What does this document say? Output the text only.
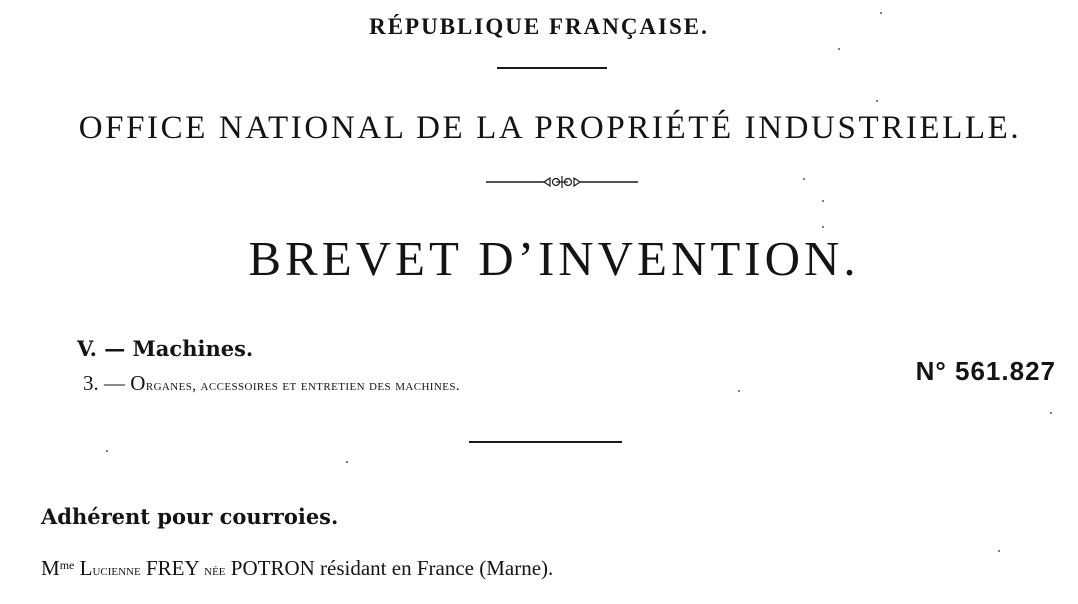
RÉPUBLIQUE FRANÇAISE.
OFFICE NATIONAL DE LA PROPRIÉTÉ INDUSTRIELLE.
BREVET D’INVENTION.
V. — Machines.
3. — Organes, accessoires et entretien des machines.	N° 561.827
Adhérent pour courroies.
$M^{me}$ Lucienne FREY née POTRON résidant en France (Marne).
